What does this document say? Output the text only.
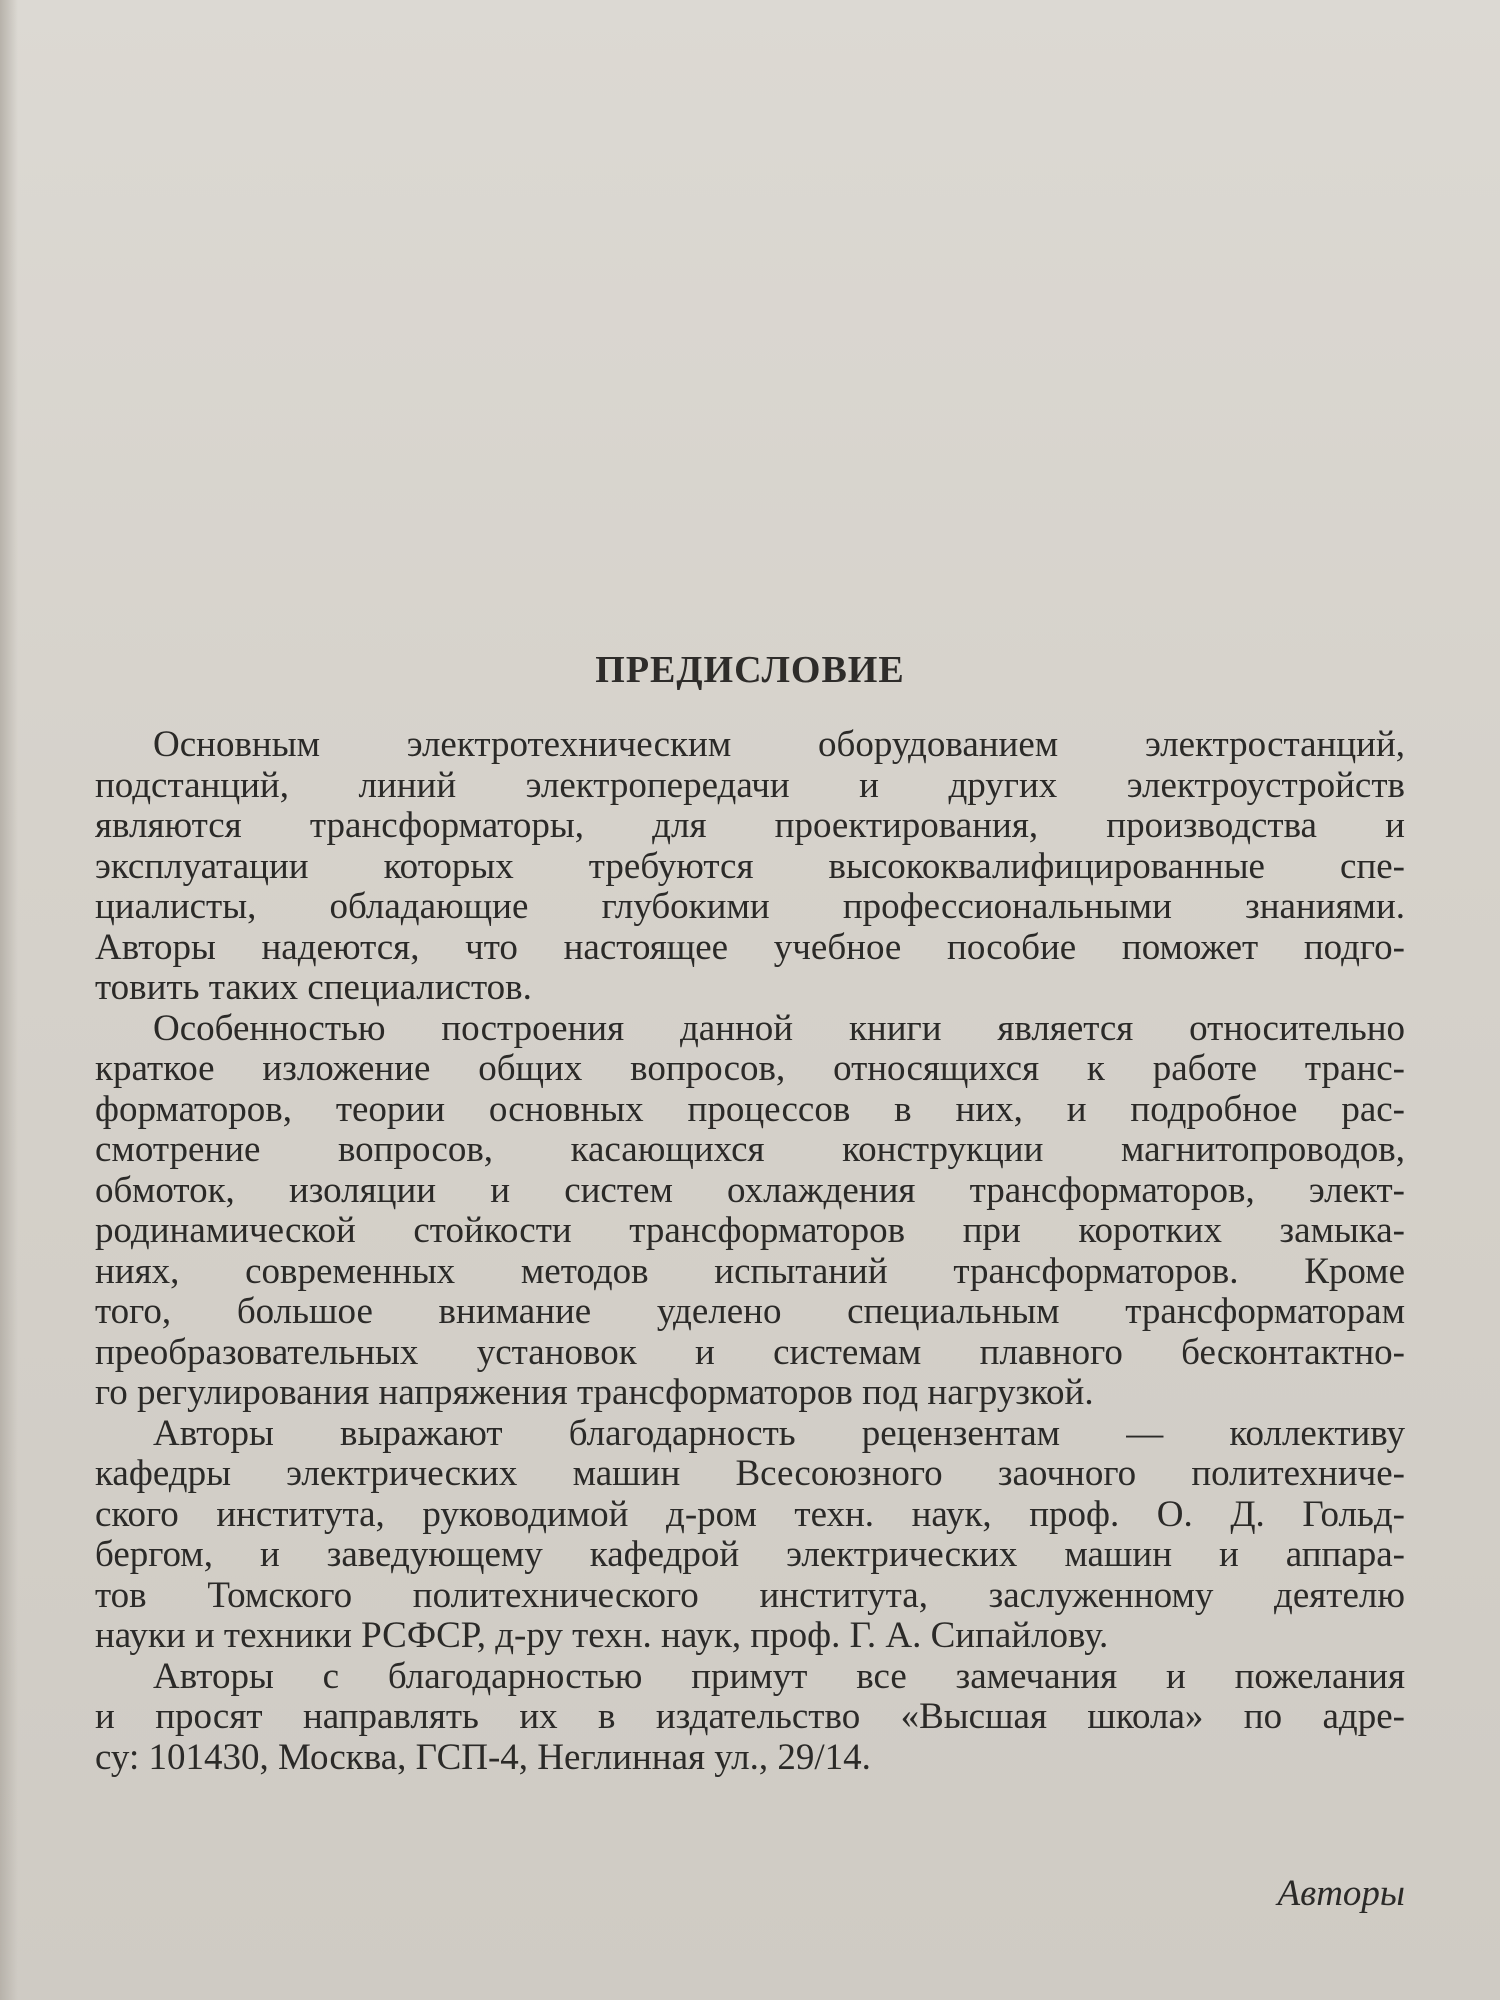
ПРЕДИСЛОВИЕ

Основным электротехническим оборудованием электростанций,
подстанций, линий электропередачи и других электроустройств
являются трансформаторы, для проектирования, производства и
эксплуатации которых требуются высококвалифицированные спе-
циалисты, обладающие глубокими профессиональными знаниями.
Авторы надеются, что настоящее учебное пособие поможет подго-
товить таких специалистов.

Особенностью построения данной книги является относительно
краткое изложение общих вопросов, относящихся к работе транс-
форматоров, теории основных процессов в них, и подробное рас-
смотрение вопросов, касающихся конструкции магнитопроводов,
обмоток, изоляции и систем охлаждения трансформаторов, элект-
родинамической стойкости трансформаторов при коротких замыка-
ниях, современных методов испытаний трансформаторов. Кроме
того, большое внимание уделено специальным трансформаторам
преобразовательных установок и системам плавного бесконтактно-
го регулирования напряжения трансформаторов под нагрузкой.

Авторы выражают благодарность рецензентам — коллективу
кафедры электрических машин Всесоюзного заочного политехниче-
ского института, руководимой д-ром техн. наук, проф. О. Д. Гольд-
бергом, и заведующему кафедрой электрических машин и аппара-
тов Томского политехнического института, заслуженному деятелю
науки и техники РСФСР, д-ру техн. наук, проф. Г. А. Сипайлову.

Авторы с благодарностью примут все замечания и пожелания
и просят направлять их в издательство «Высшая школа» по адре-
су: 101430, Москва, ГСП-4, Неглинная ул., 29/14.

Авторы
